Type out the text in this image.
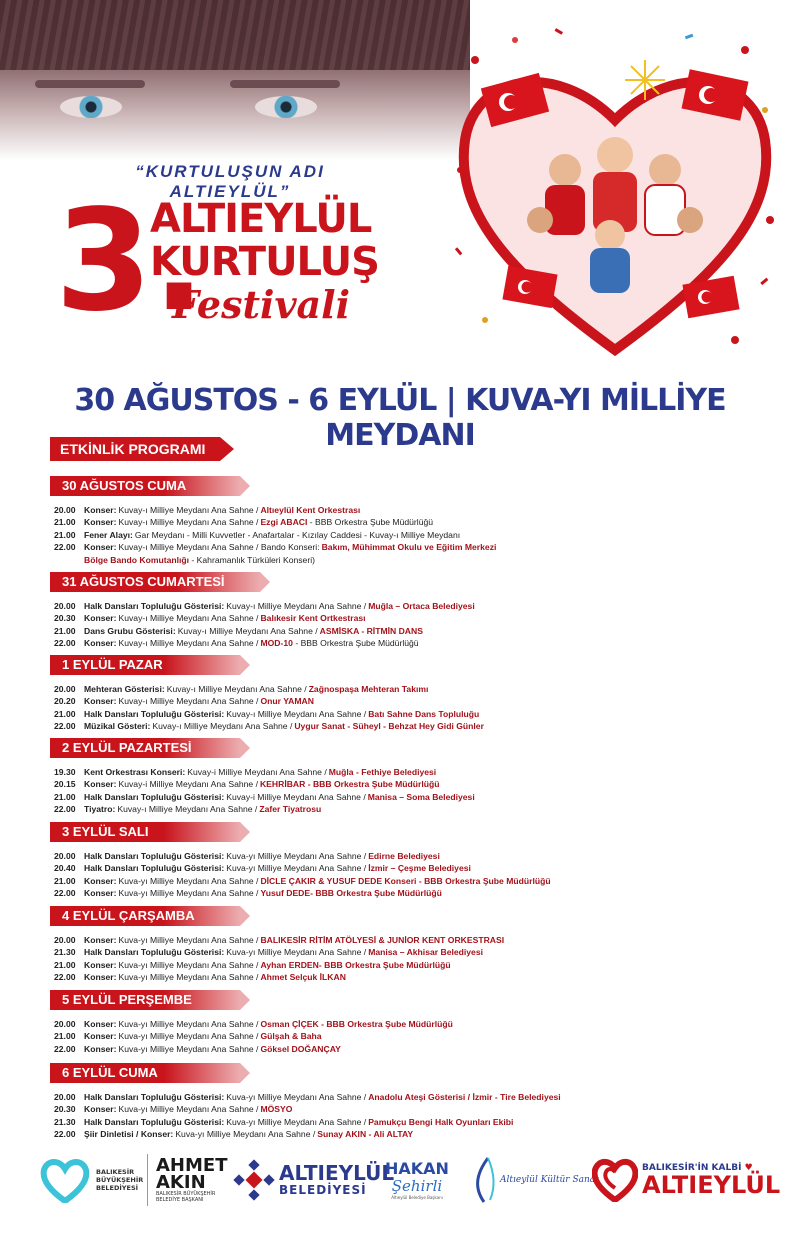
“KURTULUŞUN ADI ALTIEYLÜL”
3.
ALTIEYLÜL
KURTULUŞ
Festivali
30 AĞUSTOS - 6 EYLÜL | KUVA-YI MİLLİYE MEYDANI
ETKİNLİK PROGRAMI
30 AĞUSTOS CUMA
20.00 Konser: Kuvay-ı Milliye Meydanı Ana Sahne / Altıeylül Kent Orkestrası
21.00 Konser: Kuvay-ı Milliye Meydanı Ana Sahne / Ezgi ABACI - BBB Orkestra Şube Müdürlüğü
21.00 Fener Alayı: Gar Meydanı - Milli Kuvvetler - Anafartalar - Kızılay Caddesi - Kuvay-ı Milliye Meydanı
22.00 Konser: Kuvay-ı Milliye Meydanı Ana Sahne / Bando Konseri: Bakım, Mühimmat Okulu ve Eğitim Merkezi Bölge Bando Komutanlığı - Kahramanlık Türküleri Konseri)
31 AĞUSTOS CUMARTESİ
20.00 Halk Dansları Topluluğu Gösterisi: Kuvay-ı Milliye Meydanı Ana Sahne / Muğla – Ortaca Belediyesi
20.30 Konser: Kuvay-ı Milliye Meydanı Ana Sahne / Balıkesir Kent Ortkestrası
21.00 Dans Grubu Gösterisi: Kuvay-ı Milliye Meydanı Ana Sahne / ASMİSKA - RİTMİN DANS
22.00 Konser: Kuvay-ı Milliye Meydanı Ana Sahne / MOD-10 - BBB Orkestra Şube Müdürlüğü
1 EYLÜL PAZAR
20.00 Mehteran Gösterisi: Kuvay-ı Milliye Meydanı Ana Sahne / Zağnospaşa Mehteran Takımı
20.20 Konser: Kuvay-ı Milliye Meydanı Ana Sahne / Onur YAMAN
21.00 Halk Dansları Topluluğu Gösterisi: Kuvay-ı Milliye Meydanı Ana Sahne / Batı Sahne Dans Topluluğu
22.00 Müzikal Gösteri: Kuvay-ı Milliye Meydanı Ana Sahne / Uygur Sanat - Süheyl - Behzat Hey Gidi Günler
2 EYLÜL PAZARTESİ
19.30 Kent Orkestrası Konseri: Kuvay-i Milliye Meydanı Ana Sahne / Muğla - Fethiye Belediyesi
20.15 Konser: Kuvay-i Milliye Meydanı Ana Sahne / KEHRİBAR - BBB Orkestra Şube Müdürlüğü
21.00 Halk Dansları Topluluğu Gösterisi: Kuvay-i Milliye Meydanı Ana Sahne / Manisa – Soma Belediyesi
22.00 Tiyatro: Kuvay-ı Milliye Meydanı Ana Sahne / Zafer Tiyatrosu
3 EYLÜL SALI
20.00 Halk Dansları Topluluğu Gösterisi: Kuva-yı Milliye Meydanı Ana Sahne / Edirne Belediyesi
20.40 Halk Dansları Topluluğu Gösterisi: Kuva-yı Milliye Meydanı Ana Sahne / İzmir – Çeşme Belediyesi
21.00 Konser: Kuva-yı Milliye Meydanı Ana Sahne / DİCLE ÇAKIR & YUSUF DEDE Konseri - BBB Orkestra Şube Müdürlüğü
22.00 Konser: Kuva-yı Milliye Meydanı Ana Sahne / Yusuf DEDE- BBB Orkestra Şube Müdürlüğü
4 EYLÜL ÇARŞAMBA
20.00 Konser: Kuva-yı Milliye Meydanı Ana Sahne / BALIKESİR RİTİM ATÖLYESİ & JUNİOR KENT ORKESTRASI
21.30 Halk Dansları Topluluğu Gösterisi: Kuva-yı Milliye Meydanı Ana Sahne / Manisa – Akhisar Belediyesi
21.00 Konser: Kuva-yı Milliye Meydanı Ana Sahne / Ayhan ERDEN- BBB Orkestra Şube Müdürlüğü
22.00 Konser: Kuva-yı Milliye Meydanı Ana Sahne / Ahmet Selçuk İLKAN
5 EYLÜL PERŞEMBE
20.00 Konser: Kuva-yı Milliye Meydanı Ana Sahne / Osman ÇİÇEK - BBB Orkestra Şube Müdürlüğü
21.00 Konser: Kuva-yı Milliye Meydanı Ana Sahne / Gülşah & Baha
22.00 Konser: Kuva-yı Milliye Meydanı Ana Sahne / Göksel DOĞANÇAY
6 EYLÜL CUMA
20.00 Halk Dansları Topluluğu Gösterisi: Kuva-yı Milliye Meydanı Ana Sahne / Anadolu Ateşi Gösterisi / İzmir - Tire Belediyesi
20.30 Konser: Kuva-yı Milliye Meydanı Ana Sahne / MÖSYO
21.30 Halk Dansları Topluluğu Gösterisi: Kuva-yı Milliye Meydanı Ana Sahne / Pamukçu Bengi Halk Oyunları Ekibi
22.00 Şiir Dinletisi / Konser: Kuva-yı Milliye Meydanı Ana Sahne / Sunay AKIN - Ali ALTAY
BALIKESİR BÜYÜKŞEHİR BELEDİYESİ
AHMET
AKIN
BALIKESİR BÜYÜKŞEHİR BELEDİYE BAŞKANI
ALTIEYLÜL
BELEDİYESİ
HAKAN
Şehirli
Altıeylül Belediye Başkanı
Altıeylül Kültür Sanat
BALIKESİR'İN KALBİ ♥
ALTIEYLÜL
